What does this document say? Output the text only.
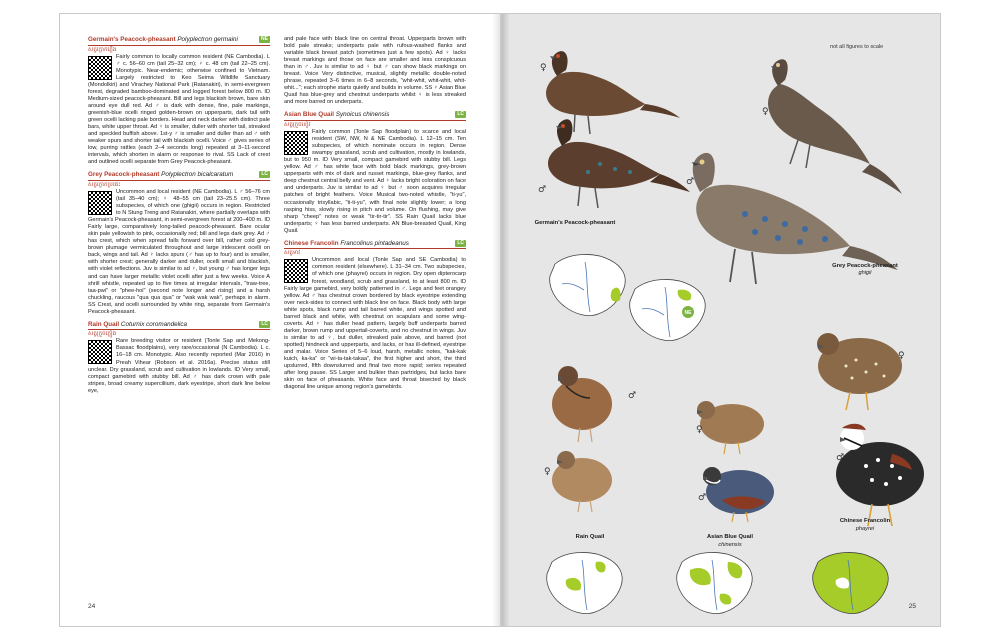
Germain's Peacock-pheasant Polyplectron germaini	NE
សត្វក្ងោកភ្លើង
Fairly common to locally common resident (NE Cambodia). L ♂ c. 56–60 cm (tail 25–32 cm); ♀ c. 48 cm (tail 22–25 cm). Monotypic. Near-endemic; otherwise confined to Vietnam. Largely restricted to Keo Seima Wildlife Sanctuary (Mondolkiri) and Virachey National Park (Ratanakiri), in semi-evergreen forest, degraded bamboo-dominated and logged forest below 800 m. ID Medium-sized peacock-pheasant. Bill and legs blackish brown, bare skin around eye dull red. Ad ♂ is dark with dense, fine, pale markings, greenish-blue ocelli ringed golden-brown on upperparts, dark tail with green ocelli lacking pale borders. Head and neck darker with distinct pale bars, white upper throat. Ad ♀ is smaller, duller with shorter tail, streaked and speckled buffish above. 1st-y ♂ is smaller and duller than ad ♂ with weaker spurs and shorter tail with blackish ocelli. Voice ♂ gives series of low, purring rattles (each 2–4 seconds long) repeated at 3–11-second intervals, which shorten in alarm or response to rival. SS Lack of crest and outlined ocelli separate from Grey Peacock-pheasant.
Grey Peacock-pheasant Polyplectron bicalcaratum	LC
សត្វក្ងោកប្រផេះ
Uncommon and local resident (NE Cambodia). L ♂ 56–76 cm (tail 35–40 cm); ♀ 48–55 cm (tail 23–25.5 cm). Three subspecies, of which one (ghigii) occurs in region. Restricted to N Stung Treng and Ratanakiri, where partially overlaps with Germain's Peacock-pheasant, in semi-evergreen forest at 200–400 m. ID Fairly large, comparatively long-tailed peacock-pheasant. Bare ocular skin pale yellowish to pink, occasionally red; bill and legs dark grey. Ad ♂ has crest, which when spread falls forward over bill, rather cold grey-brown plumage vermiculated throughout and large iridescent ocelli on back, wings and tail. Ad ♀ lacks spurs (♂ has up to four) and is smaller, with shorter crest; generally darker and duller, ocelli small and blackish, with violet reflections. Juv is similar to ad ♀, but young ♂ has longer legs and can have larger metallic violet ocelli after just a few weeks. Voice A shrill whistle, repeated up to five times at irregular intervals, "traw-tree, taa-pwi" or "phee-hoi" (second note longer and rising) and a harsh chuckling, raucous "qua qua qua" or "wak wak wak", perhaps in alarm. SS Crest, and ocelli surrounded by white ring, separate from Germain's Peacock-pheasant.
Rain Quail Coturnix coromandelica	LC
សត្វក្រួចភ្លៀង
Rare breeding visitor or resident (Tonle Sap and Mekong-Bassac floodplains), very rare/occasional (N Cambodia). L c. 16–18 cm. Monotypic. Also recently reported (Mar 2016) in Preah Vihear (Robson et al. 2016a). Precise status still unclear. Dry grassland, scrub and cultivation in lowlands. ID Very small, compact gamebird with stubby bill. Ad ♂ has dark crown with pale stripes, broad creamy superciliium, dark eyestripe, short dark line below eye,
and pale face with black line on central throat. Upperparts brown with bold pale streaks; underparts pale with rufous-washed flanks and variable black breast patch (sometimes just a few spots). Ad ♀ lacks breast markings and those on face are smaller and less conspicuous than in ♂. Juv is similar to ad ♀ but ♂ can show black markings on breast. Voice Very distinctive, musical, slightly metallic double-noted phrase, repeated 3–6 times in 6–8 seconds, "whit-whit, whit-whit, whit-whit..."; each strophe starts quietly and builds in volume. SS ♀ Asian Blue Quail has blue-grey and chestnut underparts whilst ♀ is less streaked and more barred on underparts.
Asian Blue Quail Synoicus chinensis	LC
សត្វក្រួចខៀវ
Fairly common (Tonle Sap floodplain) to scarce and local resident (SW, NW, N & NE Cambodia). L 12–15 cm. Ten subspecies, of which nominate occurs in region. Dense swampy grassland, scrub and cultivation, mostly in lowlands, but to 950 m. ID Very small, compact gamebird with stubby bill. Legs yellow. Ad ♂ has white face with bold black markings, grey-brown upperparts with mix of dark and russet markings, blue-grey flanks, and deep chestnut central belly and vent. Ad ♀ lacks bright coloration on face and underparts. Juv is similar to ad ♀ but ♂ soon acquires irregular patches of bright feathers. Voice Musical two-noted whistle, "ti-yu", occasionally trisyllabic, "ti-ti-yu", with final note slightly lower; a long rasping hiss, slowly rising in pitch and volume. On flushing, may give sharp "cheep" notes or weak "tir-tir-tir". SS Rain Quail lacks blue underparts; ♀ has less barred underparts. AN Blue-breasted Quail, King Quail.
Chinese Francolin Francolinus pintadeanus	LC
សត្វទាវ
Uncommon and local (Tonle Sap and SE Cambodia) to common resident (elsewhere). L 31–34 cm. Two subspecies, of which one (phayrei) occurs in region. Dry open dipterocarp forest, woodland, scrub and grassland, to at least 800 m. ID Fairly large gamebird, very boldly patterned in ♂. Legs and feet orangey yellow. Ad ♂ has chestnut crown bordered by black eyestripe extending over neck-sides to connect with black line on face. Black body with large white spots, black rump and tail barred white, and wings spotted and barred black and white, with chestnut on scapulars and some wing-coverts. Ad ♀ has duller head pattern, largely buff underparts barred darker, brown rump and uppertail-coverts, and no chestnut in wings. Juv is similar to ad ♀, but duller, streaked pale above, and barred (not spotted) hindneck and upperparts, and lacks, or has ill-defined, eyestripe and malar. Voice Series of 5–6 loud, harsh, metallic notes, "kak-kak kuich, ka-ka" or "wi-ta-tak-takaa", the first higher and short, the third upslurred, fifth downslurred and final two more rapid; series repeated after long pause. SS Larger and bulkier than partridges, but lacks bare skin on face of pheasants. White face and throat bisected by black diagonal line unique among region's gamebirds.
24
not all figures to scale
♀
♂
♀
♂
NE
♀
♂
♀
♂
♀
♂
Germain's Peacock-pheasant
Grey Peacock-pheasant
ghigii
Rain Quail	Asian Blue Quail
chinensis
Chinese Francolin
phayrei
25
